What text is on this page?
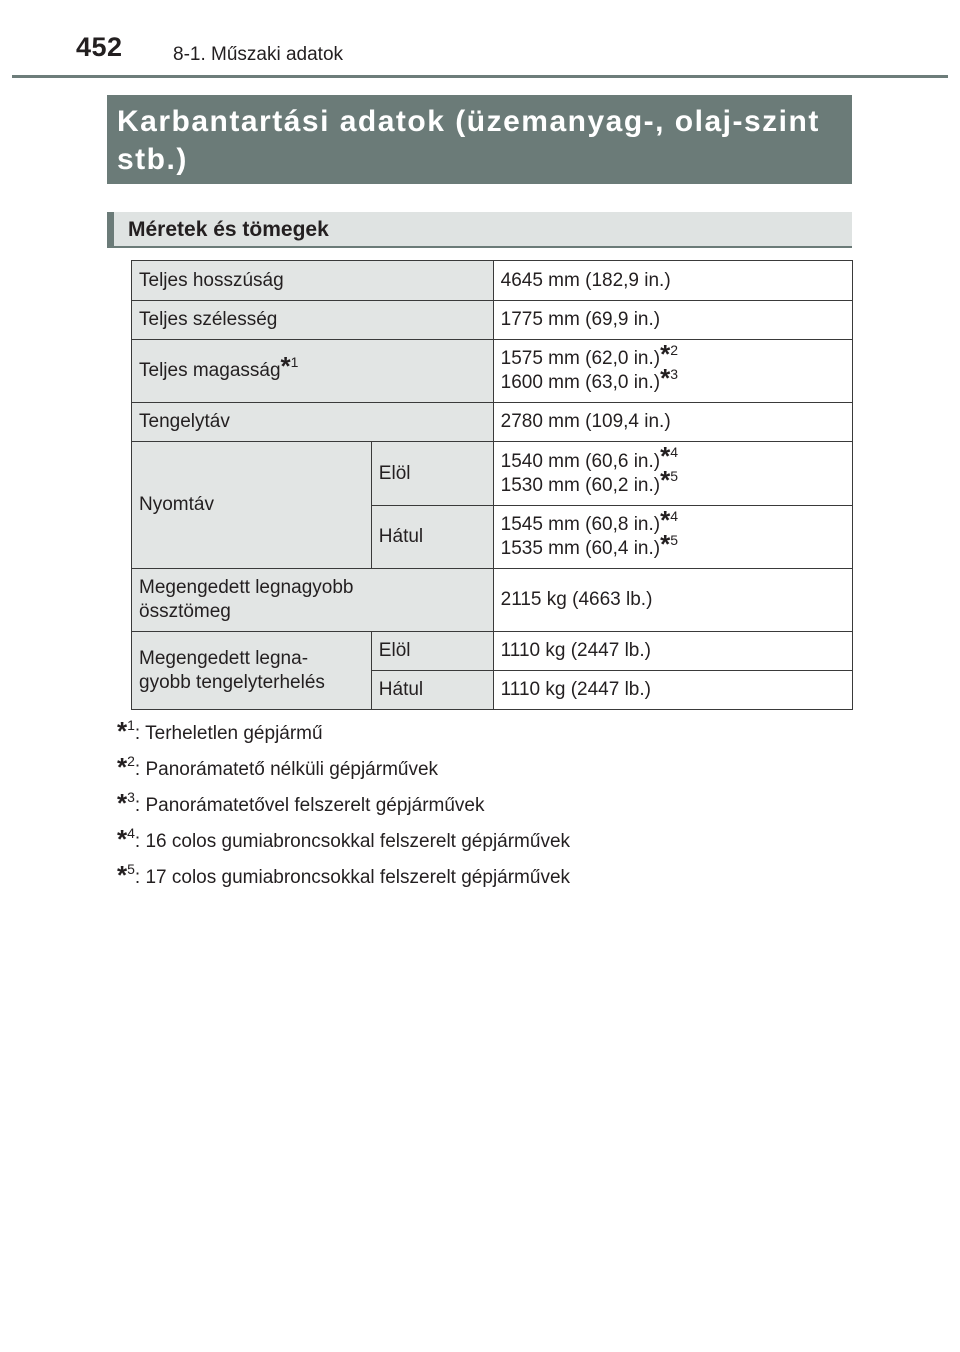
452	8-1. Műszaki adatok
Karbantartási adatok (üzemanyag-, olaj-szint stb.)
Méretek és tömegek
Teljes hosszúság		4645 mm (182,9 in.)
Teljes szélesség		1775 mm (69,9 in.)
Teljes magasság*$^1$		1575 mm (62,0 in.)*$^2$
1600 mm (63,0 in.)*$^3$
Tengelytáv		2780 mm (109,4 in.)
Nyomtáv	Elöl	1540 mm (60,6 in.)*$^4$
1530 mm (60,2 in.)*$^5$
	Hátul	1545 mm (60,8 in.)*$^4$
1535 mm (60,4 in.)*$^5$
Megengedett legnagyobb össztömeg		2115 kg (4663 lb.)
Megengedett legna-gyobb tengelyterhelés	Elöl	1110 kg (2447 lb.)
	Hátul	1110 kg (2447 lb.)
*$^1$: Terheletlen gépjármű
*$^2$: Panorámatető nélküli gépjárművek
*$^3$: Panorámatetővel felszerelt gépjárművek
*$^4$: 16 colos gumiabroncsokkal felszerelt gépjárművek
*$^5$: 17 colos gumiabroncsokkal felszerelt gépjárművek
